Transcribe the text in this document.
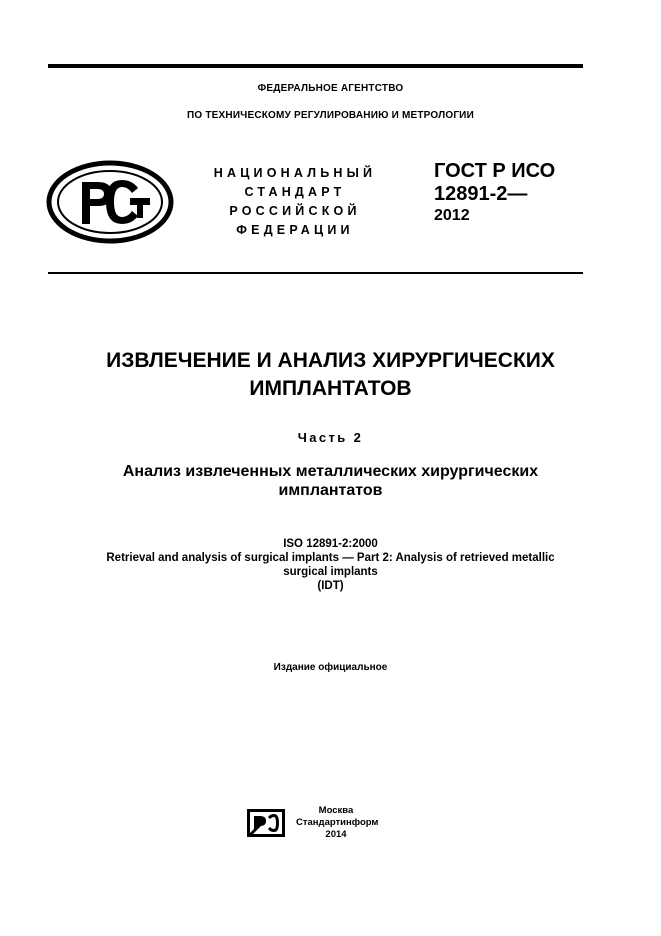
ФЕДЕРАЛЬНОЕ АГЕНТСТВО
ПО ТЕХНИЧЕСКОМУ РЕГУЛИРОВАНИЮ И МЕТРОЛОГИИ
НАЦИОНАЛЬНЫЙ
СТАНДАРТ
РОССИЙСКОЙ
ФЕДЕРАЦИИ
ГОСТ Р ИСО
12891-2—
2012
ИЗВЛЕЧЕНИЕ И АНАЛИЗ ХИРУРГИЧЕСКИХ
ИМПЛАНТАТОВ
Часть 2
Анализ извлеченных металлических хирургических
имплантатов
ISO 12891-2:2000
Retrieval and analysis of surgical implants — Part 2: Analysis of retrieved metallic
surgical implants
(IDT)
Издание официальное
Москва
Стандартинформ
2014
